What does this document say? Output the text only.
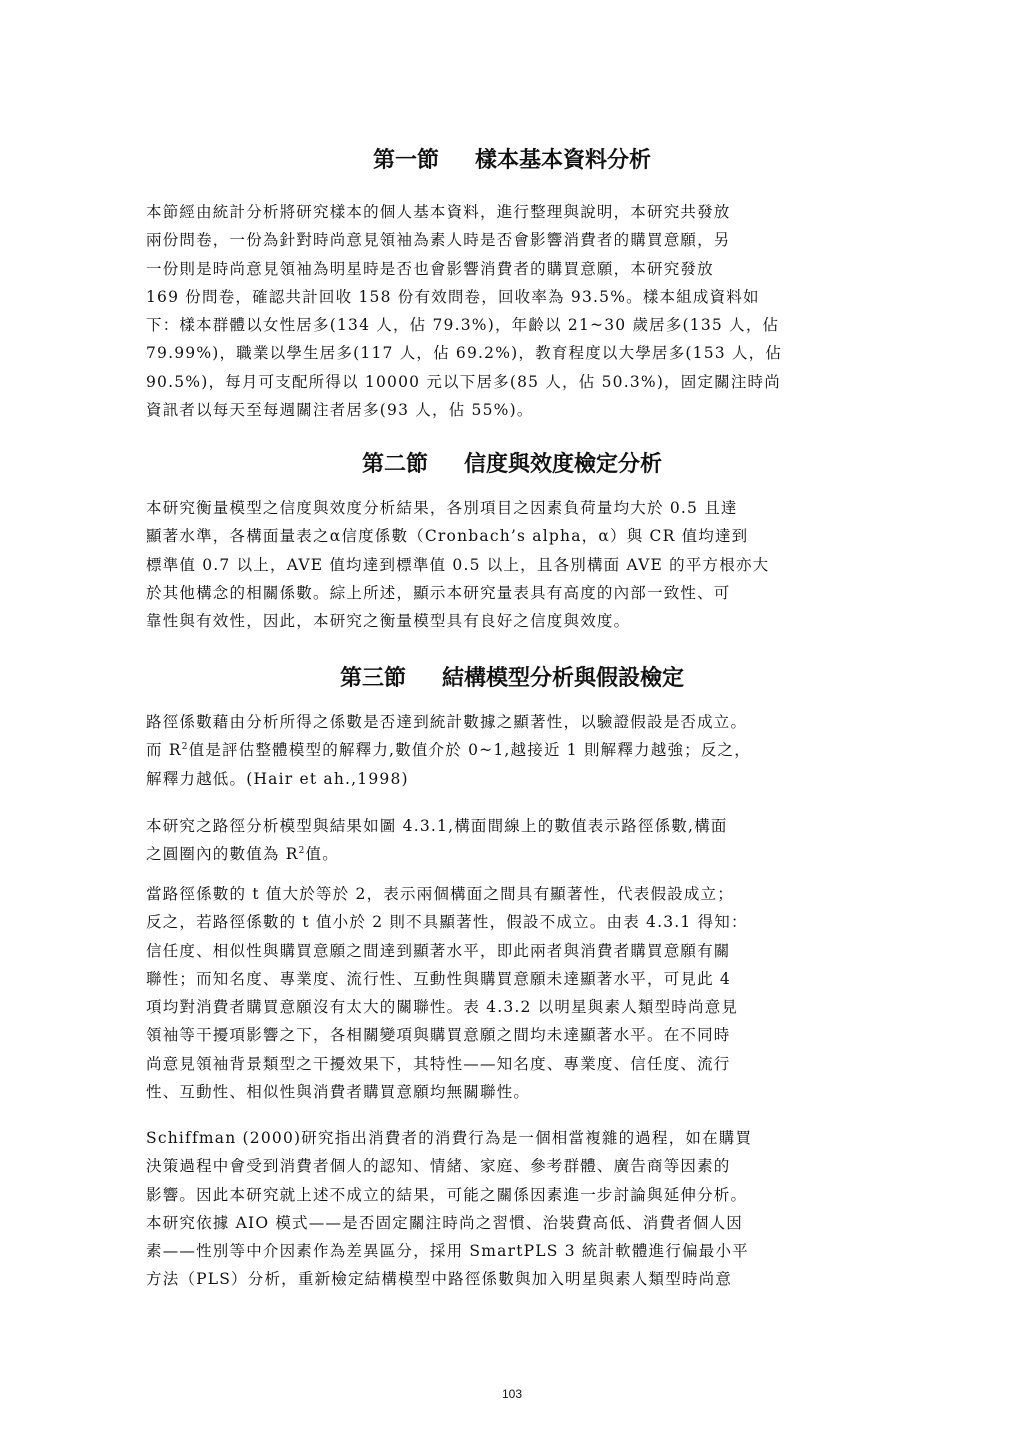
第一節 樣本基本資料分析

本節經由統計分析將研究樣本的個人基本資料，進行整理與說明，本研究共發放
兩份問卷，一份為針對時尚意見領袖為素人時是否會影響消費者的購買意願，另
一份則是時尚意見領袖為明星時是否也會影響消費者的購買意願，本研究發放
169 份問卷，確認共計回收 158 份有效問卷，回收率為 93.5%。樣本組成資料如
下：樣本群體以女性居多(134 人，佔 79.3%)，年齡以 21~30 歲居多(135 人，佔
79.99%)，職業以學生居多(117 人，佔 69.2%)，教育程度以大學居多(153 人，佔
90.5%)，每月可支配所得以 10000 元以下居多(85 人，佔 50.3%)，固定關注時尚
資訊者以每天至每週關注者居多(93 人，佔 55%)。

第二節 信度與效度檢定分析

本研究衡量模型之信度與效度分析結果，各別項目之因素負荷量均大於 0.5 且達
顯著水準，各構面量表之α信度係數（Cronbach’s alpha，α）與 CR 值均達到
標準值 0.7 以上，AVE 值均達到標準值 0.5 以上，且各別構面 AVE 的平方根亦大
於其他構念的相關係數。綜上所述，顯示本研究量表具有高度的內部一致性、可
靠性與有效性，因此，本研究之衡量模型具有良好之信度與效度。

第三節 結構模型分析與假設檢定

路徑係數藉由分析所得之係數是否達到統計數據之顯著性，以驗證假設是否成立。
而 $R^2$值是評估整體模型的解釋力,數值介於 0~1,越接近 1 則解釋力越強；反之，
解釋力越低。(Hair et ah.,1998)

本研究之路徑分析模型與結果如圖 4.3.1,構面間線上的數值表示路徑係數,構面
之圓圈內的數值為 $R^2$值。

當路徑係數的 t 值大於等於 2，表示兩個構面之間具有顯著性，代表假設成立；
反之，若路徑係數的 t 值小於 2 則不具顯著性，假設不成立。由表 4.3.1 得知：
信任度、相似性與購買意願之間達到顯著水平，即此兩者與消費者購買意願有關
聯性；而知名度、專業度、流行性、互動性與購買意願未達顯著水平，可見此 4
項均對消費者購買意願沒有太大的關聯性。表 4.3.2 以明星與素人類型時尚意見
領袖等干擾項影響之下，各相關變項與購買意願之間均未達顯著水平。在不同時
尚意見領袖背景類型之干擾效果下，其特性——知名度、專業度、信任度、流行
性、互動性、相似性與消費者購買意願均無關聯性。

Schiffman (2000)研究指出消費者的消費行為是一個相當複雜的過程，如在購買
決策過程中會受到消費者個人的認知、情緒、家庭、參考群體、廣告商等因素的
影響。因此本研究就上述不成立的結果，可能之關係因素進一步討論與延伸分析。
本研究依據 AIO 模式——是否固定關注時尚之習慣、治裝費高低、消費者個人因
素——性別等中介因素作為差異區分，採用 SmartPLS 3 統計軟體進行偏最小平
方法（PLS）分析，重新檢定結構模型中路徑係數與加入明星與素人類型時尚意

103
